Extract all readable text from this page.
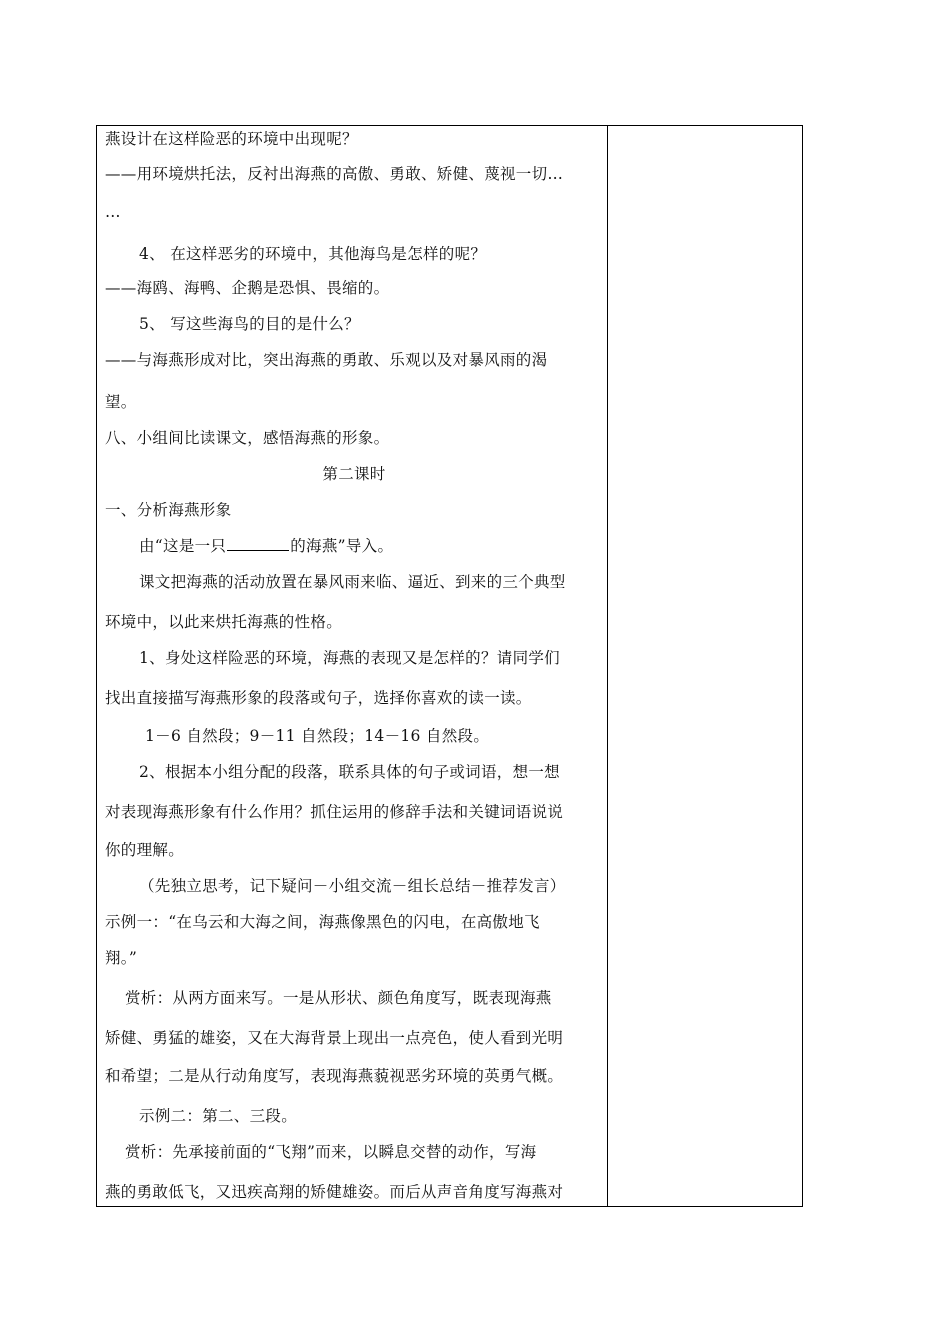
燕设计在这样险恶的环境中出现呢？
——用环境烘托法，反衬出海燕的高傲、勇敢、矫健、蔑视一切…
…
4、 在这样恶劣的环境中，其他海鸟是怎样的呢？
——海鸥、海鸭、企鹅是恐惧、畏缩的。
5、 写这些海鸟的目的是什么？
——与海燕形成对比，突出海燕的勇敢、乐观以及对暴风雨的渴
望。
八、小组间比读课文，感悟海燕的形象。
第二课时
一、分析海燕形象
由“这是一只	的海燕”导入。
课文把海燕的活动放置在暴风雨来临、逼近、到来的三个典型
环境中，以此来烘托海燕的性格。
1、身处这样险恶的环境，海燕的表现又是怎样的？请同学们
找出直接描写海燕形象的段落或句子，选择你喜欢的读一读。
1－6 自然段；9－11 自然段；14－16 自然段。
2、根据本小组分配的段落，联系具体的句子或词语，想一想
对表现海燕形象有什么作用？抓住运用的修辞手法和关键词语说说
你的理解。
（先独立思考，记下疑问－小组交流－组长总结－推荐发言）
示例一：“在乌云和大海之间，海燕像黑色的闪电，在高傲地飞
翔。”
赏析：从两方面来写。一是从形状、颜色角度写，既表现海燕
矫健、勇猛的雄姿，又在大海背景上现出一点亮色，使人看到光明
和希望；二是从行动角度写，表现海燕藐视恶劣环境的英勇气概。
示例二：第二、三段。
赏析：先承接前面的“飞翔”而来，以瞬息交替的动作，写海
燕的勇敢低飞，又迅疾高翔的矫健雄姿。而后从声音角度写海燕对
